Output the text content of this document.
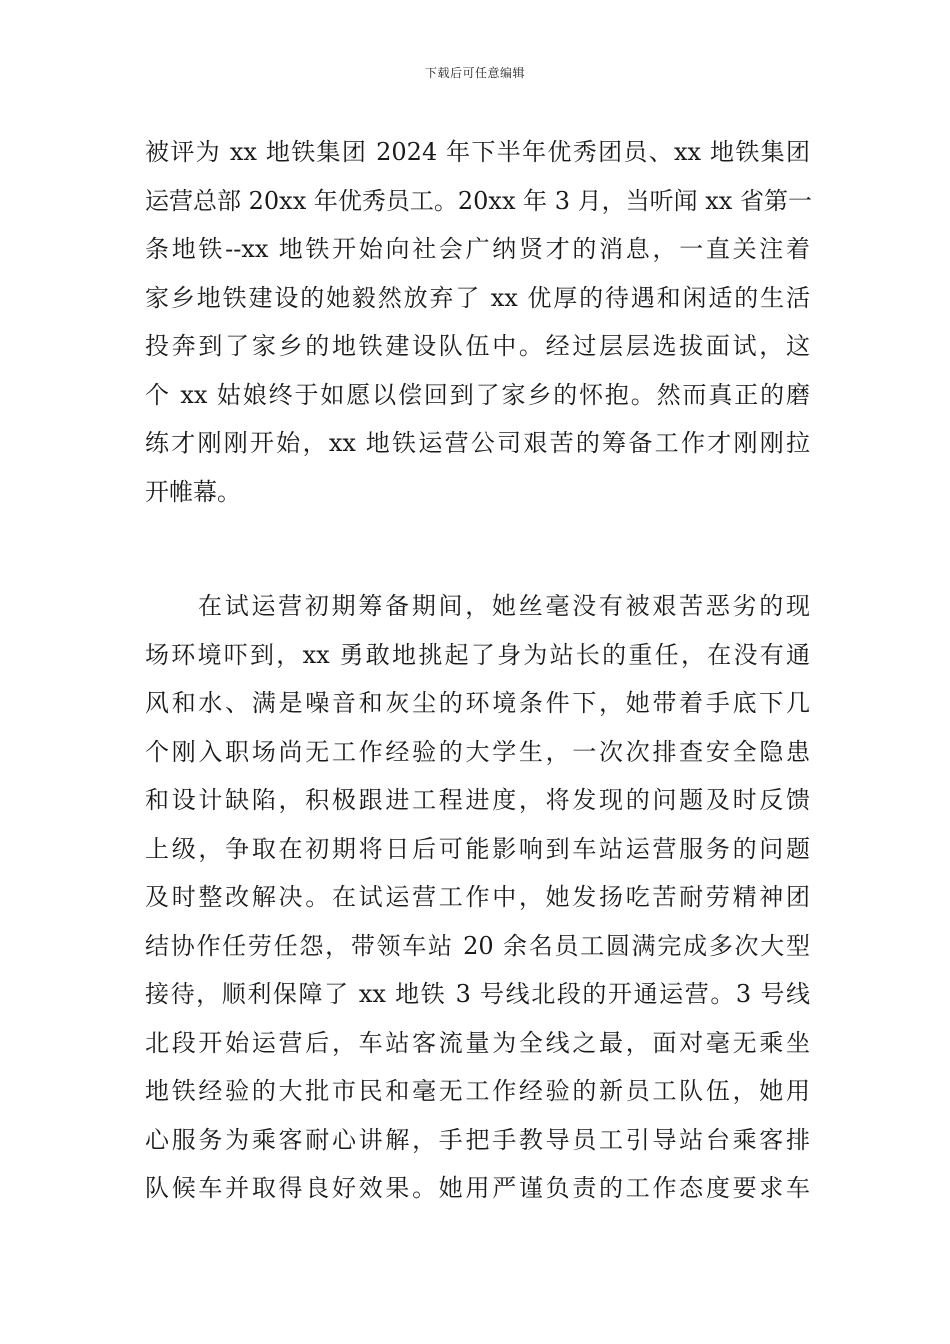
下载后可任意编辑
被评为 xx 地铁集团 2024 年下半年优秀团员、xx 地铁集团
运营总部 20xx 年优秀员工。20xx 年 3 月，当听闻 xx 省第一
条地铁--xx 地铁开始向社会广纳贤才的消息，一直关注着
家乡地铁建设的她毅然放弃了 xx 优厚的待遇和闲适的生活
投奔到了家乡的地铁建设队伍中。经过层层选拔面试，这
个 xx 姑娘终于如愿以偿回到了家乡的怀抱。然而真正的磨
练才刚刚开始，xx 地铁运营公司艰苦的筹备工作才刚刚拉
开帷幕。
在试运营初期筹备期间，她丝毫没有被艰苦恶劣的现
场环境吓到，xx 勇敢地挑起了身为站长的重任，在没有通
风和水、满是噪音和灰尘的环境条件下，她带着手底下几
个刚入职场尚无工作经验的大学生，一次次排查安全隐患
和设计缺陷，积极跟进工程进度，将发现的问题及时反馈
上级，争取在初期将日后可能影响到车站运营服务的问题
及时整改解决。在试运营工作中，她发扬吃苦耐劳精神团
结协作任劳任怨，带领车站 20 余名员工圆满完成多次大型
接待，顺利保障了 xx 地铁 3 号线北段的开通运营。3 号线
北段开始运营后，车站客流量为全线之最，面对毫无乘坐
地铁经验的大批市民和毫无工作经验的新员工队伍，她用
心服务为乘客耐心讲解，手把手教导员工引导站台乘客排
队候车并取得良好效果。她用严谨负责的工作态度要求车
